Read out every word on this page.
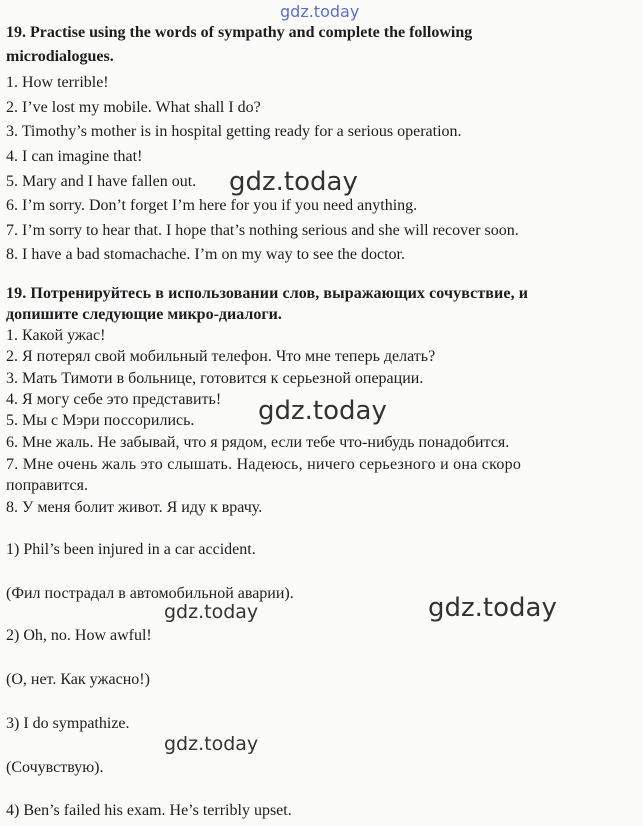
gdz.today
19. Practise using the words of sympathy and complete the following
microdialogues.
1. How terrible!
2. I’ve lost my mobile. What shall I do?
3. Timothy’s mother is in hospital getting ready for a serious operation.
4. I can imagine that!
5. Mary and I have fallen out.
6. I’m sorry. Don’t forget I’m here for you if you need anything.
7. I’m sorry to hear that. I hope that’s nothing serious and she will recover soon.
8. I have a bad stomachache. I’m on my way to see the doctor.
gdz.today
19. Потренируйтесь в использовании слов, выражающих сочувствие, и
допишите следующие микро-диалоги.
1. Какой ужас!
2. Я потерял свой мобильный телефон. Что мне теперь делать?
3. Мать Тимоти в больнице, готовится к серьезной операции.
4. Я могу себе это представить!
5. Мы с Мэри поссорились.
6. Мне жаль. Не забывай, что я рядом, если тебе что-нибудь понадобится.
7. Мне очень жаль это слышать. Надеюсь, ничего серьезного и она скоро
поправится.
8. У меня болит живот. Я иду к врачу.
gdz.today
1) Phil’s been injured in a car accident.
(Фил пострадал в автомобильной аварии).
2) Oh, no. How awful!
(О, нет. Как ужасно!)
3) I do sympathize.
(Сочувствую).
4) Ben’s failed his exam. He’s terribly upset.
gdz.today	gdz.today
gdz.today
